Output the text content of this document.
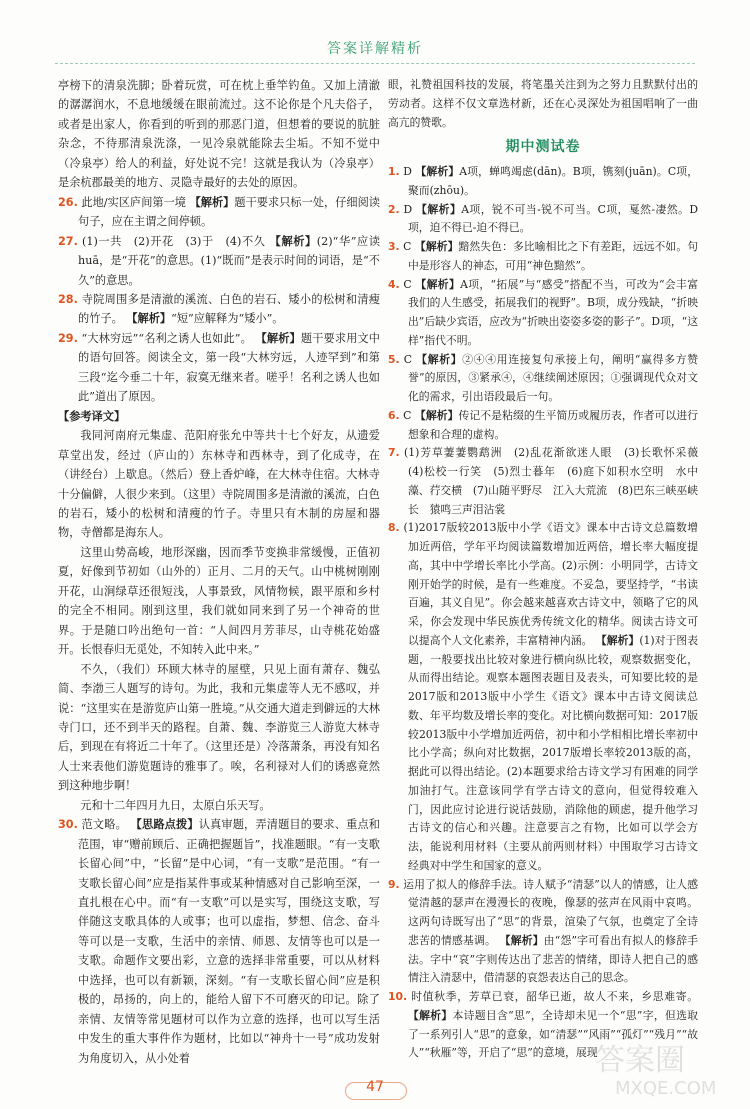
答案详解精析

亭榜下的清泉洗脚；卧着玩赏，可在枕上垂竿钓鱼。又加上清澈的潺潺润水，不息地缓缓在眼前流过。这不论你是个凡夫俗子，或者是出家人，你看到的听到的那恶门道，但想着的要说的肮脏杂念，不待那清泉洗涤，一见冷泉就能除去尘垢。不知不觉中（冷泉亭）给人的利益，好处说不完！这就是我认为（冷泉亭）是余杭郡最美的地方、灵隐寺最好的去处的原因。

26. 此地/实区庐间第一境 【解析】题干要求只标一处，仔细阅读句子，应在主谓之间停顿。

27. (1)一共　(2)开花　(3)于　(4)不久 【解析】(2)“华”应读huā，是“开花”的意思。(1)“既而”是表示时间的词语，是“不久”的意思。

28. 寺院周围多是清澈的溪流、白色的岩石、矮小的松树和清瘦的竹子。 【解析】“短”应解释为“矮小”。

29. “大林穷远”“名利之诱人也如此”。 【解析】题干要求用文中的语句回答。阅读全文，第一段“大林穷远，人迹罕到”和第三段“迄今垂二十年，寂寞无继来者。嗟乎！名利之诱人也如此”道出了原因。

【参考译文】

我同河南府元集虚、范阳府张允中等共十七个好友，从遗爱草堂出发，经过（庐山的）东林寺和西林寺，到了化成寺，在（讲经台）上歇息。（然后）登上香炉峰，在大林寺住宿。大林寺十分偏僻，人很少来到。（这里）寺院周围多是清澈的溪流，白色的岩石，矮小的松树和清瘦的竹子。寺里只有木制的房屋和器物，寺僧都是海东人。

这里山势高峻，地形深幽，因而季节变换非常缓慢，正值初夏，好像到节初如（山外的）正月、二月的天气。山中桃树刚刚开花，山涧绿草还很短浅，人事景致，风情物候，跟平原和乡村的完全不相同。刚到这里，我们就如同来到了另一个神奇的世界。于是随口吟出绝句一首：“人间四月芳菲尽，山寺桃花始盛开。长恨春归无觅处，不知转入此中来。”

不久，（我们）环顾大林寺的屋壁，只见上面有萧存、魏弘简、李渤三人题写的诗句。为此，我和元集虚等人无不感叹，并说：“这里实在是游览庐山第一胜境。”从交通大道走到僻远的大林寺门口，还不到半天的路程。自萧、魏、李游览三人游览大林寺后，到现在有将近二十年了。（这里还是）冷落萧条，再没有知名人士来表他们游览题诗的雅事了。唉，名利禄对人们的诱惑竟然到这种地步啊！

元和十二年四月九日，太原白乐天写。

30. 范文略。 【思路点拨】认真审题，弄清题目的要求、重点和范围，审“赠前顾后、正确把握题旨”，找准题眼。“有一支歌长留心间”中，“长留”是中心词，“有一支歌”是范围。“有一支歌长留心间”应是指某件事或某种情感对自己影响至深，一直扎根在心中。而“有一支歌”可以是实写，围绕这支歌，写伴随这支歌具体的人或事；也可以虚指，梦想、信念、奋斗等可以是一支歌，生活中的亲情、师恩、友情等也可以是一支歌。命题作文要出彩，立意的选择非常重要，可以从材料中选择，也可以有新颖，深刻。“有一支歌长留心间”应是积极的，昂扬的，向上的，能给人留下不可磨灭的印记。除了亲情、友情等常见题材可以作为立意的选择，也可以写生活中发生的重大事件作为题材，比如以“神舟十一号”成功发射为角度切入，从小处着

眼，礼赞祖国科技的发展，将笔墨关注到为之努力且默默付出的劳动者。这样不仅文章选材新，还在心灵深处为祖国唱响了一曲高亢的赞歌。

期中测试卷

1. D 【解析】A项，蝉鸣竭虑(dān)。B项，镌刻(juān)。C项，聚而(zhōu)。

2. D 【解析】A项，锐不可当-锐不可当。C项，戛然-凄然。D项，迫不得已-迫不得已。

3. C 【解析】黯然失色：多比喻相比之下有差距，远远不如。句中是形容人的神态，可用“神色黯然”。

4. C 【解析】A项，“拓展”与“感受”搭配不当，可改为“会丰富我们的人生感受，拓展我们的视野”。B项，成分残缺，“折映出”后缺少宾语，应改为“折映出姿姿多姿的影子”。D项，“这样”指代不明。

5. C 【解析】②④④用连接复句承接上句，阐明“赢得多方赞誉”的原因，③紧承④，④继续阐述原因；①强调现代众对文化的需求，引出语段最后一句。

6. C 【解析】传记不是粘缀的生平简历或履历表，作者可以进行想象和合理的虚构。

7. (1)芳草萋萋鹦鹉洲　(2)乱花渐欲迷人眼　(3)长歌怀采薇　(4)松校一行笑　(5)烈士暮年　(6)庭下如积水空明　水中藻、荇交横　(7)山随平野尽　江入大荒流　(8)巴东三峡巫峡长　猿鸣三声泪沾裳

8. (1)2017版较2013版中小学《语文》课本中古诗文总篇数增加近两倍，学年平均阅读篇数增加近两倍，增长率大幅度提高，其中中学增长率比小学高。(2)示例：小明同学，古诗文刚开始学的时候，是有一些难度。不妥急，要坚持学，“书读百遍，其义自见”。你会越来越喜欢古诗文中，领略了它的风采，你会发现中华民族优秀传统文化的精华。阅读古诗文可以提高个人文化素养，丰富精神内涵。 【解析】(1)对于图表题，一般要找出比较对象进行横向纵比较，观察数据变化，从而得出结论。观察本题图表题目及表头，可知要比较的是2017版和2013版中小学生《语文》课本中古诗文阅读总数、年平均数及增长率的变化。对比横向数据可知：2017版较2013版中小学增加近两倍，初中和小学相相比增长率初中比小学高；纵向对比数据，2017版增长率较2013版的高，据此可以得出结论。(2)本题要求给古诗文学习有困难的同学加油打气。注意该同学有学古诗文的意向，但觉得较难入门，因此应讨论进行说话鼓励，消除他的顾虑，提升他学习古诗文的信心和兴趣。注意要言之有物，比如可以学会方法，能说利用材料（主要从前两则材料）中围取学习古诗文经典对中学生和国家的意义。

9. 运用了拟人的修辞手法。诗人赋予“清瑟”以人的情感，让人感觉清越的瑟声在漫漫长的夜晚，像瑟的弦声在风雨中哀鸣。这两句诗既写出了“思”的背景，渲染了气氛，也奠定了全诗悲苦的情感基调。 【解析】由“怨”字可看出有拟人的修辞手法。字中“哀”字则传达出了悲苦的情绪，即诗人把自己的感情注入清瑟中，借清瑟的哀怨表达自己的思念。

10. 时值秋季，芳草已衰，韶华已逝，故人不来，乡思难寄。 【解析】本诗题目含“思”，全诗却未见一个“思”字，但选取了一系列引人“思”的意象，如“清瑟”“风雨”“孤灯”“残月”“故人”“秋雁”等，开启了“思”的意境，展现

47
答案圈
MXQE.COM
